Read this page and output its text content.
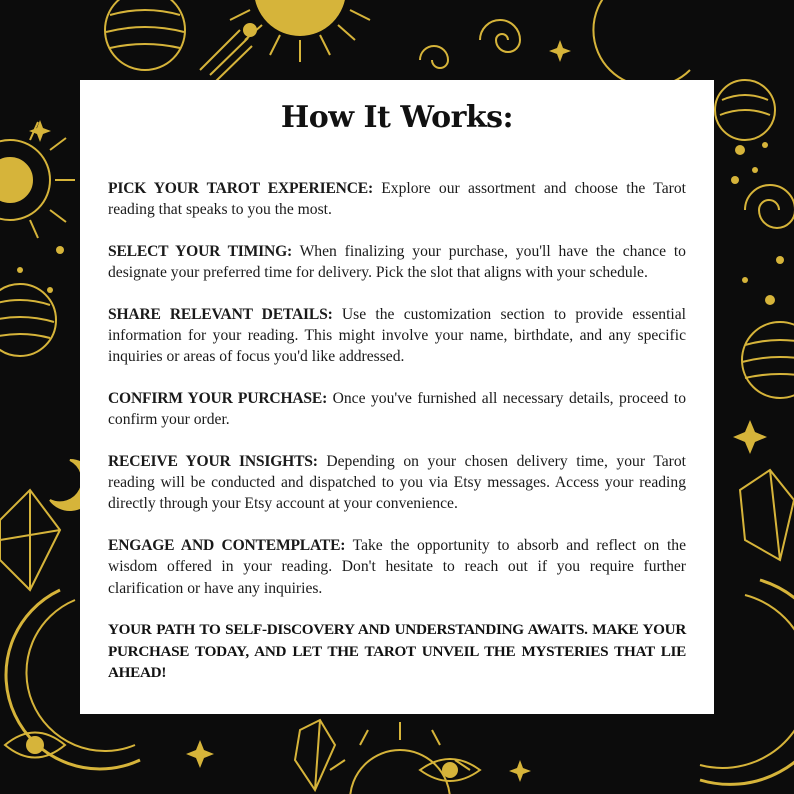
How It Works:

PICK YOUR TAROT EXPERIENCE: Explore our assortment and choose the Tarot reading that speaks to you the most.

SELECT YOUR TIMING: When finalizing your purchase, you'll have the chance to designate your preferred time for delivery. Pick the slot that aligns with your schedule.

SHARE RELEVANT DETAILS: Use the customization section to provide essential information for your reading. This might involve your name, birthdate, and any specific inquiries or areas of focus you'd like addressed.

CONFIRM YOUR PURCHASE: Once you've furnished all necessary details, proceed to confirm your order.

RECEIVE YOUR INSIGHTS: Depending on your chosen delivery time, your Tarot reading will be conducted and dispatched to you via Etsy messages. Access your reading directly through your Etsy account at your convenience.

ENGAGE AND CONTEMPLATE: Take the opportunity to absorb and reflect on the wisdom offered in your reading. Don't hesitate to reach out if you require further clarification or have any inquiries.

YOUR PATH TO SELF-DISCOVERY AND UNDERSTANDING AWAITS. MAKE YOUR PURCHASE TODAY, AND LET THE TAROT UNVEIL THE MYSTERIES THAT LIE AHEAD!
